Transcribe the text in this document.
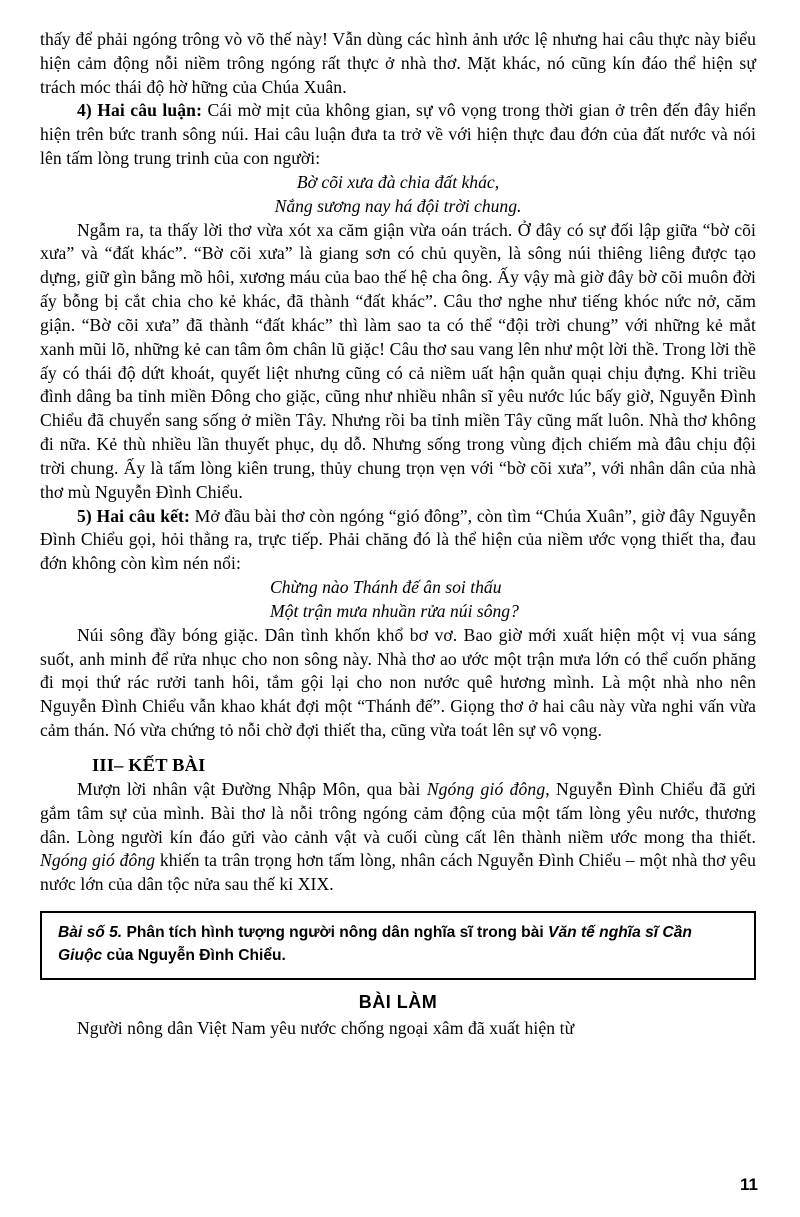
thấy để phải ngóng trông vò võ thế này! Vẫn dùng các hình ảnh ước lệ nhưng hai câu thực này biểu hiện cảm động nỗi niềm trông ngóng rất thực ở nhà thơ. Mặt khác, nó cũng kín đáo thể hiện sự trách móc thái độ hờ hững của Chúa Xuân.

4) Hai câu luận: Cái mờ mịt của không gian, sự vô vọng trong thời gian ở trên đến đây hiển hiện trên bức tranh sông núi. Hai câu luận đưa ta trở về với hiện thực đau đớn của đất nước và nói lên tấm lòng trung trinh của con người:

Bờ cõi xưa đà chia đất khác,
Nắng sương nay há đội trời chung.

Ngẫm ra, ta thấy lời thơ vừa xót xa căm giận vừa oán trách. Ở đây có sự đối lập giữa “bờ cõi xưa” và “đất khác”. “Bờ cõi xưa” là giang sơn có chủ quyền, là sông núi thiêng liêng được tạo dựng, giữ gìn bằng mồ hôi, xương máu của bao thế hệ cha ông. Ấy vậy mà giờ đây bờ cõi muôn đời ấy bỗng bị cắt chia cho kẻ khác, đã thành “đất khác”. Câu thơ nghe như tiếng khóc nức nở, căm giận. “Bờ cõi xưa” đã thành “đất khác” thì làm sao ta có thể “đội trời chung” với những kẻ mắt xanh mũi lõ, những kẻ can tâm ôm chân lũ giặc! Câu thơ sau vang lên như một lời thề. Trong lời thề ấy có thái độ dứt khoát, quyết liệt nhưng cũng có cả niềm uất hận quằn quại chịu đựng. Khi triều đình dâng ba tỉnh miền Đông cho giặc, cũng như nhiều nhân sĩ yêu nước lúc bấy giờ, Nguyễn Đình Chiểu đã chuyển sang sống ở miền Tây. Nhưng rồi ba tỉnh miền Tây cũng mất luôn. Nhà thơ không đi nữa. Kẻ thù nhiều lần thuyết phục, dụ dỗ. Nhưng sống trong vùng địch chiếm mà đâu chịu đội trời chung. Ấy là tấm lòng kiên trung, thủy chung trọn vẹn với “bờ cõi xưa”, với nhân dân của nhà thơ mù Nguyễn Đình Chiểu.

5) Hai câu kết: Mở đầu bài thơ còn ngóng “gió đông”, còn tìm “Chúa Xuân”, giờ đây Nguyễn Đình Chiểu gọi, hỏi thẳng ra, trực tiếp. Phải chăng đó là thể hiện của niềm ước vọng thiết tha, đau đớn không còn kìm nén nổi:

Chừng nào Thánh đế ân soi thấu
Một trận mưa nhuần rửa núi sông?

Núi sông đầy bóng giặc. Dân tình khốn khổ bơ vơ. Bao giờ mới xuất hiện một vị vua sáng suốt, anh minh để rửa nhục cho non sông này. Nhà thơ ao ước một trận mưa lớn có thể cuốn phăng đi mọi thứ rác rưởi tanh hôi, tắm gội lại cho non nước quê hương mình. Là một nhà nho nên Nguyễn Đình Chiểu vẫn khao khát đợi một “Thánh đế”. Giọng thơ ở hai câu này vừa nghi vấn vừa cảm thán. Nó vừa chứng tỏ nỗi chờ đợi thiết tha, cũng vừa toát lên sự vô vọng.

III– KẾT BÀI

Mượn lời nhân vật Đường Nhập Môn, qua bài Ngóng gió đông, Nguyễn Đình Chiểu đã gửi gắm tâm sự của mình. Bài thơ là nỗi trông ngóng cảm động của một tấm lòng yêu nước, thương dân. Lòng người kín đáo gửi vào cảnh vật và cuối cùng cất lên thành niềm ước mong tha thiết. Ngóng gió đông khiến ta trân trọng hơn tấm lòng, nhân cách Nguyễn Đình Chiểu – một nhà thơ yêu nước lớn của dân tộc nửa sau thế kỉ XIX.

Bài số 5. Phân tích hình tượng người nông dân nghĩa sĩ trong bài Văn tế nghĩa sĩ Cần Giuộc của Nguyễn Đình Chiểu.
BÀI LÀM

Người nông dân Việt Nam yêu nước chống ngoại xâm đã xuất hiện từ

11
